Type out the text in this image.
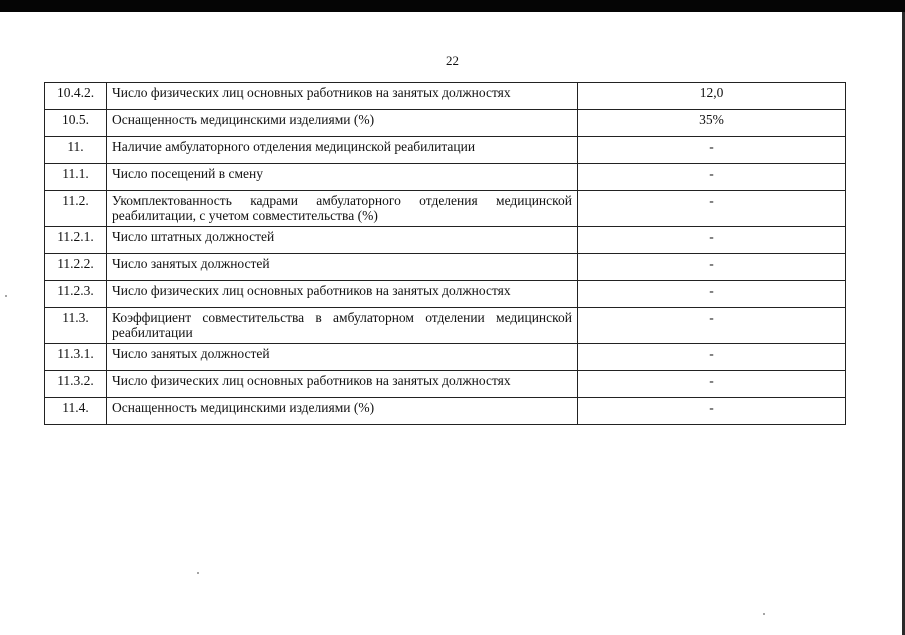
22
10.4.2.	Число физических лиц основных работников на занятых должностях	12,0
10.5.	Оснащенность медицинскими изделиями (%)	35%
11.	Наличие амбулаторного отделения медицинской реабилитации	-
11.1.	Число посещений в смену	-
11.2.	Укомплектованность кадрами амбулаторного отделения медицинской реабилитации, с учетом совместительства (%)	-
11.2.1.	Число штатных должностей	-
11.2.2.	Число занятых должностей	-
11.2.3.	Число физических лиц основных работников на занятых должностях	-
11.3.	Коэффициент совместительства в амбулаторном отделении медицинской реабилитации	-
11.3.1.	Число занятых должностей	-
11.3.2.	Число физических лиц основных работников на занятых должностях	-
11.4.	Оснащенность медицинскими изделиями (%)	-
